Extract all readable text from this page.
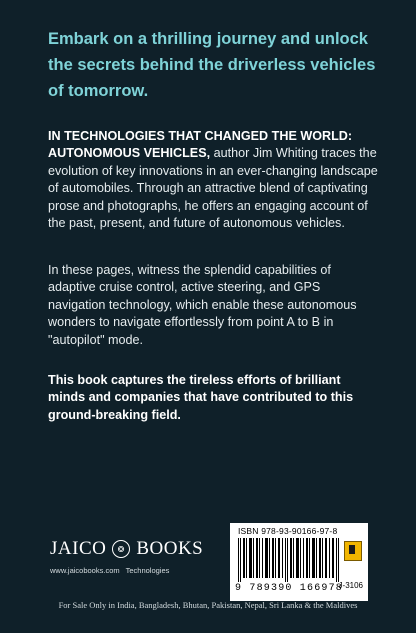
Embark on a thrilling journey and unlock the secrets behind the driverless vehicles of tomorrow.
IN TECHNOLOGIES THAT CHANGED THE WORLD: AUTONOMOUS VEHICLES, author Jim Whiting traces the evolution of key innovations in an ever-changing landscape of automobiles. Through an attractive blend of captivating prose and photographs, he offers an engaging account of the past, present, and future of autonomous vehicles.
In these pages, witness the splendid capabilities of adaptive cruise control, active steering, and GPS navigation technology, which enable these autonomous wonders to navigate effortlessly from point A to B in "autopilot" mode.
This book captures the tireless efforts of brilliant minds and companies that have contributed to this ground-breaking field.
JAICO	❂ BOOKS
www.jaicobooks.com Technologies
ISBN 978-93-90166-97-8
9 789390 166978
J-3106
For Sale Only in India, Bangladesh, Bhutan, Pakistan, Nepal, Sri Lanka & the Maldives
